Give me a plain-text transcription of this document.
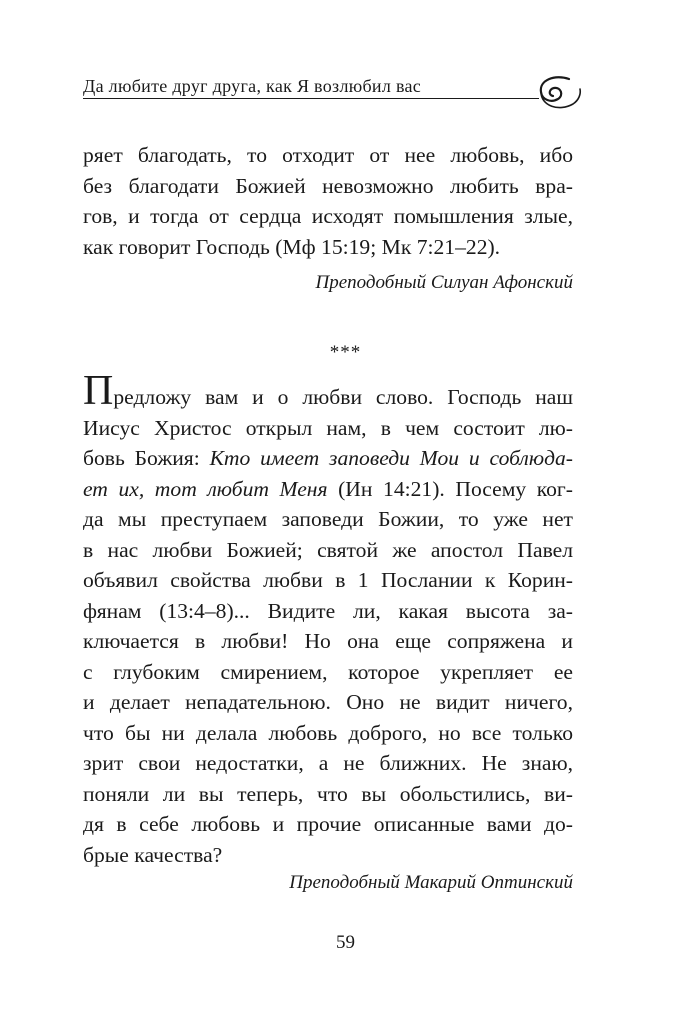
Да любите друг друга, как Я возлюбил вас
ряет благодать, то отходит от нее любовь, ибо
без благодати Божией невозможно любить вра-
гов, и тогда от сердца исходят помышления злые,
как говорит Господь (Мф 15:19; Мк 7:21–22).
Преподобный Силуан Афонский
***
Предложу вам и о любви слово. Господь наш
Иисус Христос открыл нам, в чем состоит лю-
бовь Божия: Кто имеет заповеди Мои и соблюда-
ет их, тот любит Меня (Ин 14:21). Посему ког-
да мы преступаем заповеди Божии, то уже нет
в нас любви Божией; святой же апостол Павел
объявил свойства любви в 1 Послании к Корин-
фянам (13:4–8)... Видите ли, какая высота за-
ключается в любви! Но она еще сопряжена и
с глубоким смирением, которое укрепляет ее
и делает непадательною. Оно не видит ничего,
что бы ни делала любовь доброго, но все только
зрит свои недостатки, а не ближних. Не знаю,
поняли ли вы теперь, что вы обольстились, ви-
дя в себе любовь и прочие описанные вами до-
брые качества?
Преподобный Макарий Оптинский
59
